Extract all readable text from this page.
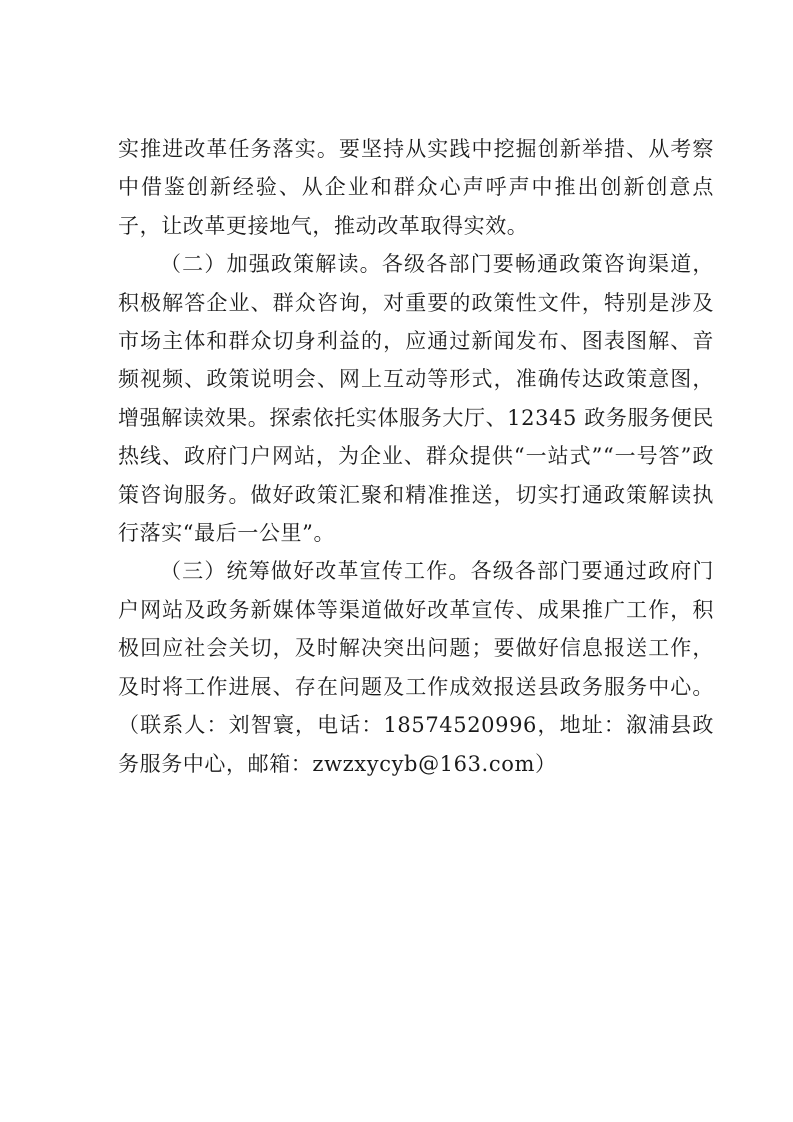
实推进改革任务落实。要坚持从实践中挖掘创新举措、从考察中借鉴创新经验、从企业和群众心声呼声中推出创新创意点子，让改革更接地气，推动改革取得实效。

（二）加强政策解读。各级各部门要畅通政策咨询渠道，积极解答企业、群众咨询，对重要的政策性文件，特别是涉及市场主体和群众切身利益的，应通过新闻发布、图表图解、音频视频、政策说明会、网上互动等形式，准确传达政策意图，增强解读效果。探索依托实体服务大厅、12345 政务服务便民热线、政府门户网站，为企业、群众提供“一站式”“一号答”政策咨询服务。做好政策汇聚和精准推送，切实打通政策解读执行落实“最后一公里”。

（三）统筹做好改革宣传工作。各级各部门要通过政府门户网站及政务新媒体等渠道做好改革宣传、成果推广工作，积极回应社会关切，及时解决突出问题；要做好信息报送工作，及时将工作进展、存在问题及工作成效报送县政务服务中心。（联系人：刘智寰，电话：18574520996，地址：溆浦县政务服务中心，邮箱：zwzxycyb@163.com）
